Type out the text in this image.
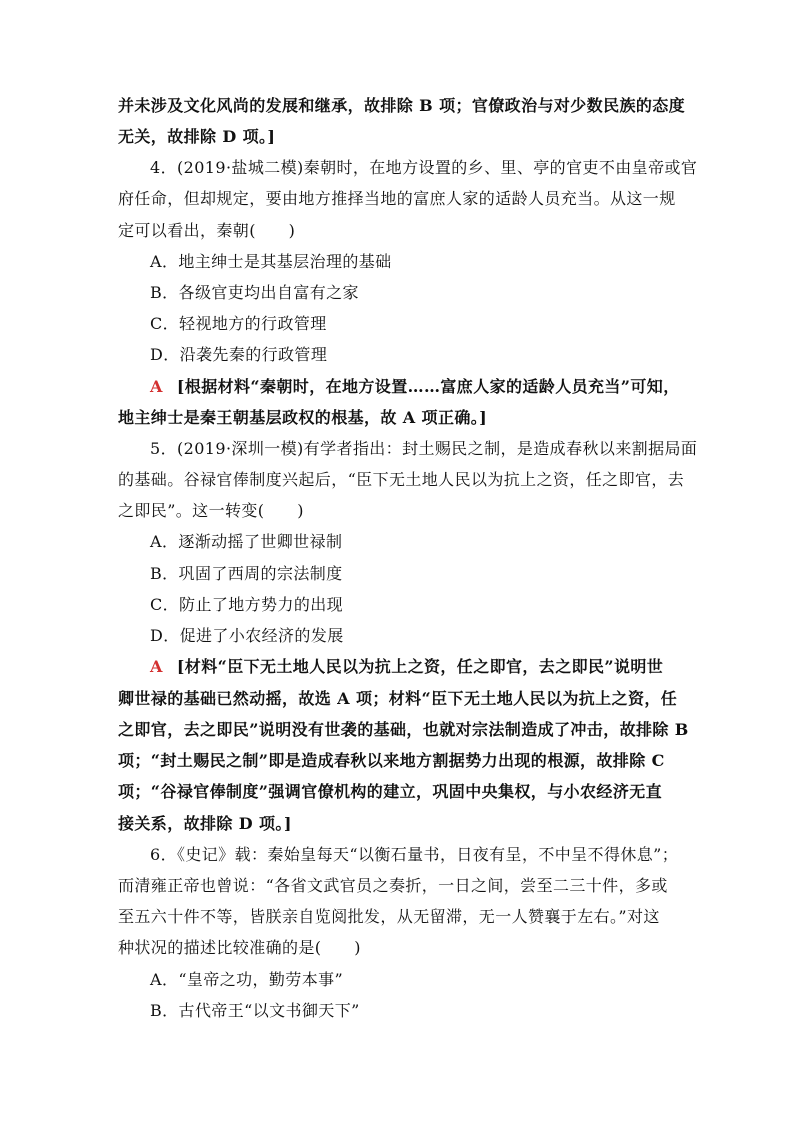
并未涉及文化风尚的发展和继承，故排除 B 项；官僚政治与对少数民族的态度
无关，故排除 D 项。]
4．(2019·盐城二模)秦朝时，在地方设置的乡、里、亭的官吏不由皇帝或官
府任命，但却规定，要由地方推择当地的富庶人家的适龄人员充当。从这一规
定可以看出，秦朝(　　)
A．地主绅士是其基层治理的基础
B．各级官吏均出自富有之家
C．轻视地方的行政管理
D．沿袭先秦的行政管理
A [根据材料“秦朝时，在地方设置……富庶人家的适龄人员充当”可知，
地主绅士是秦王朝基层政权的根基，故 A 项正确。]
5．(2019·深圳一模)有学者指出：封土赐民之制，是造成春秋以来割据局面
的基础。谷禄官俸制度兴起后，“臣下无土地人民以为抗上之资，任之即官，去
之即民”。这一转变(　　)
A．逐渐动摇了世卿世禄制
B．巩固了西周的宗法制度
C．防止了地方势力的出现
D．促进了小农经济的发展
A [材料“臣下无土地人民以为抗上之资，任之即官，去之即民”说明世
卿世禄的基础已然动摇，故选 A 项；材料“臣下无土地人民以为抗上之资，任
之即官，去之即民”说明没有世袭的基础，也就对宗法制造成了冲击，故排除 B
项；“封土赐民之制”即是造成春秋以来地方割据势力出现的根源，故排除 C
项；“谷禄官俸制度”强调官僚机构的建立，巩固中央集权，与小农经济无直
接关系，故排除 D 项。]
6．《史记》载：秦始皇每天“以衡石量书，日夜有呈，不中呈不得休息”；
而清雍正帝也曾说：“各省文武官员之奏折，一日之间，尝至二三十件，多或
至五六十件不等，皆朕亲自览阅批发，从无留滞，无一人赞襄于左右。”对这
种状况的描述比较准确的是(　　)
A．“皇帝之功，勤劳本事”
B．古代帝王“以文书御天下”
